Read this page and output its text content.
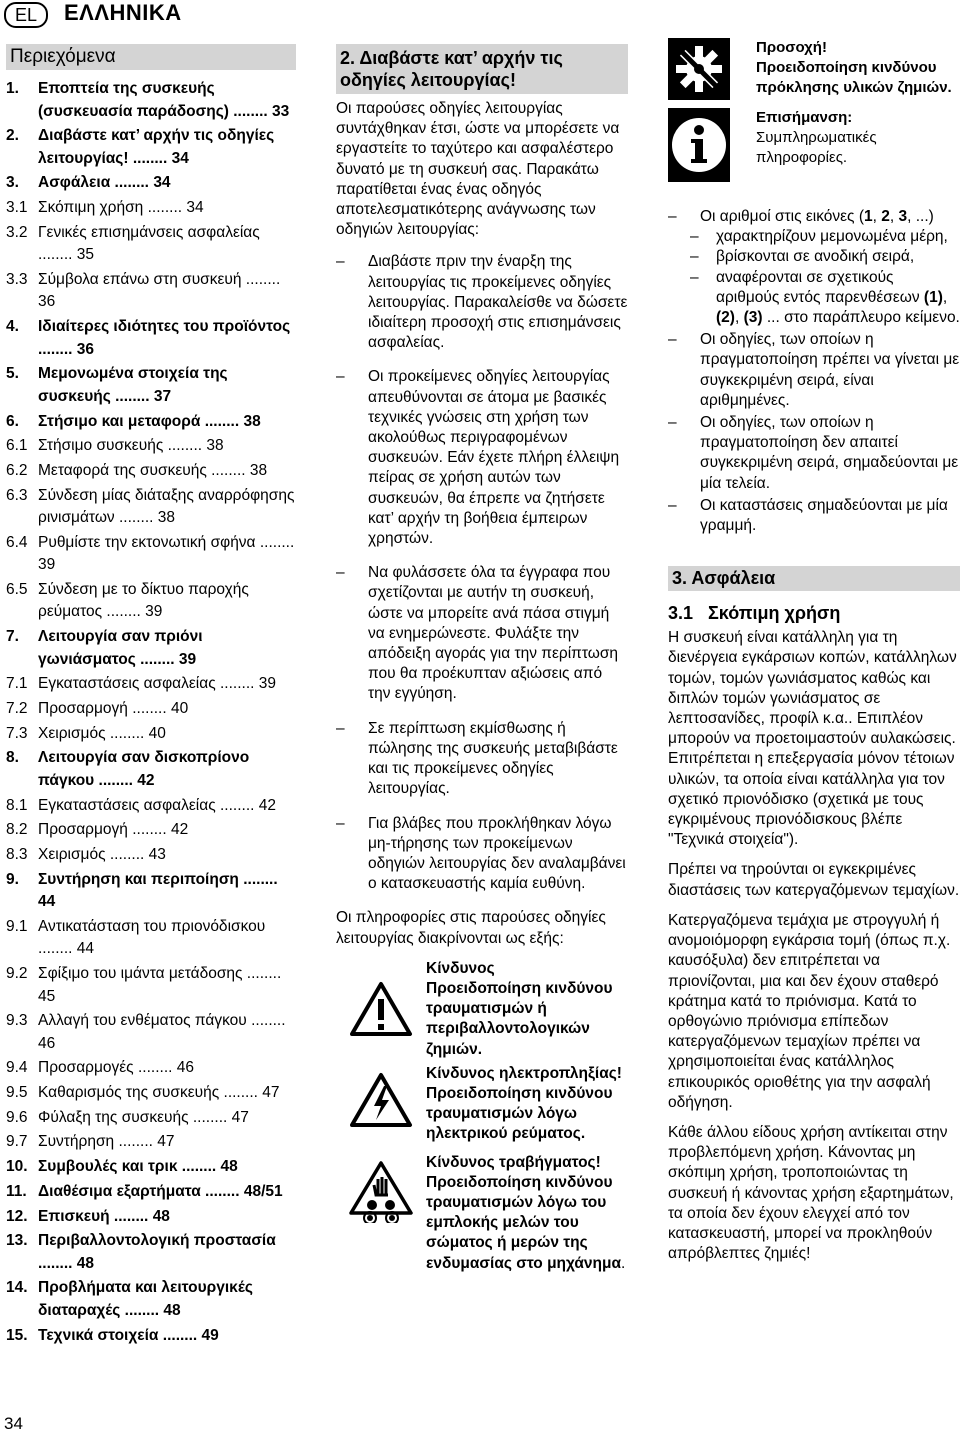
EL	ΕΛΛΗΝΙΚΑ
Περιεχόμενα
1.	Εποπτεία της συσκευής (συσκευασία παράδοσης) ........ 33
2.	Διαβάστε κατ’ αρχήν τις οδηγίες λειτουργίας! ........ 34
3.	Ασφάλεια ........ 34
3.1 Σκόπιμη χρήση ........ 34
3.2 Γενικές επισημάνσεις ασφαλείας ........ 35
3.3 Σύμβολα επάνω στη συσκευή ........ 36
4.	Ιδιαίτερες ιδιότητες του προϊόντος ........ 36
5.	Μεμονωμένα στοιχεία της συσκευής ........ 37
6.	Στήσιμο και μεταφορά ........ 38
6.1 Στήσιμο συσκευής ........ 38
6.2 Μεταφορά της συσκευής ........ 38
6.3 Σύνδεση μίας διάταξης αναρρόφησης ρινισμάτων ........ 38
6.4 Ρυθμίστε την εκτονωτική σφήνα ........ 39
6.5 Σύνδεση με το δίκτυο παροχής ρεύματος ........ 39
7.	Λειτουργία σαν πριόνι γωνιάσματος ........ 39
7.1 Εγκαταστάσεις ασφαλείας ........ 39
7.2 Προσαρμογή ........ 40
7.3 Χειρισμός ........ 40
8.	Λειτουργία σαν δισκοπρίονο πάγκου ........ 42
8.1 Εγκαταστάσεις ασφαλείας ........ 42
8.2 Προσαρμογή ........ 42
8.3 Χειρισμός ........ 43
9.	Συντήρηση και περιποίηση ........ 44
9.1 Αντικατάσταση του πριονόδισκου ........ 44
9.2 Σφίξιμο του ιμάντα μετάδοσης ........ 45
9.3 Αλλαγή του ενθέματος πάγκου ........ 46
9.4 Προσαρμογές ........ 46
9.5 Καθαρισμός της συσκευής ........ 47
9.6 Φύλαξη της συσκευής ........ 47
9.7 Συντήρηση ........ 47
10. Συμβουλές και τρικ ........ 48
11. Διαθέσιμα εξαρτήματα ........ 48/51
12. Επισκευή ........ 48
13. Περιβαλλοντολογική προστασία ........ 48
14. Προβλήματα και λειτουργικές διαταραχές ........ 48
15. Τεχνικά στοιχεία ........ 49
2. Διαβάστε κατ’ αρχήν τις οδηγίες λειτουργίας!

Οι παρούσες οδηγίες λειτουργίας συντάχθηκαν έτσι, ώστε να μπορέσετε να εργαστείτε το ταχύτερο και ασφαλέστερο δυνατό με τη συσκευή σας. Παρακάτω παρατίθεται ένας ένας οδηγός αποτελεσματικότερης ανάγνωσης των οδηγιών λειτουργίας:

–	Διαβάστε πριν την έναρξη της λειτουργίας τις προκείμενες οδηγίες λειτουργίας. Παρακαλείσθε να δώσετε ιδιαίτερη προσοχή στις επισημάνσεις ασφαλείας.
–	Οι προκείμενες οδηγίες λειτουργίας απευθύνονται σε άτομα με βασικές τεχνικές γνώσεις στη χρήση των ακολούθως περιγραφομένων συσκευών. Εάν έχετε πλήρη έλλειψη πείρας σε χρήση αυτών των συσκευών, θα έπρεπε να ζητήσετε κατ’ αρχήν τη βοήθεια έμπειρων χρηστών.
–	Να φυλάσσετε όλα τα έγγραφα που σχετίζονται με αυτήν τη συσκευή, ώστε να μπορείτε ανά πάσα στιγμή να ενημερώνεστε. Φυλάξτε την απόδειξη αγοράς για την περίπτωση που θα προέκυπταν αξιώσεις από την εγγύηση.
–	Σε περίπτωση εκμίσθωσης ή πώλησης της συσκευής μεταβιβάστε και τις προκείμενες οδηγίες λειτουργίας.
–	Για βλάβες που προκλήθηκαν λόγω μη-τήρησης των προκείμενων οδηγιών λειτουργίας δεν αναλαμβάνει ο κατασκευαστής καμία ευθύνη.

Οι πληροφορίες στις παρούσες οδηγίες λειτουργίας διακρίνονται ως εξής:

Κίνδυνος
Προειδοποίηση κινδύνου τραυματισμών ή περιβαλλοντολογικών ζημιών.
Κίνδυνος ηλεκτροπληξίας!
Προειδοποίηση κινδύνου τραυματισμών λόγω ηλεκτρικού ρεύματος.
Κίνδυνος τραβήγματος!
Προειδοποίηση κινδύνου τραυματισμών λόγω του εμπλοκής μελών του σώματος ή μερών της ενδυμασίας στο μηχάνημα.
Προσοχή!
Προειδοποίηση κινδύνου πρόκλησης υλικών ζημιών.
Επισήμανση:
Συμπληρωματικές πληροφορίες.
–	Οι αριθμοί στις εικόνες (1, 2, 3, ...)
–	χαρακτηρίζουν μεμονωμένα μέρη,
–	βρίσκονται σε ανοδική σειρά,
–	αναφέρονται σε σχετικούς αριθμούς εντός παρενθέσεων (1), (2), (3) ... στο παράπλευρο κείμενο.
–	Οι οδηγίες, των οποίων η πραγματοποίηση πρέπει να γίνεται με συγκεκριμένη σειρά, είναι αριθμημένες.
–	Οι οδηγίες, των οποίων η πραγματοποίηση δεν απαιτεί συγκεκριμένη σειρά, σημαδεύονται με μία τελεία.
–	Οι καταστάσεις σημαδεύονται με μία γραμμή.
3. Ασφάλεια
3.1 Σκόπιμη χρήση

Η συσκευή είναι κατάλληλη για τη διενέργεια εγκάρσιων κοπών, κατάλληλων τομών, τομών γωνιάσματος καθώς και διπλών τομών γωνιάσματος σε λεπτοσανίδες, προφίλ κ.α.. Επιπλέον μπορούν να προετοιμαστούν αυλακώσεις. Επιτρέπεται η επεξεργασία μόνον τέτοιων υλικών, τα οποία είναι κατάλληλα για τον σχετικό πριονόδισκο (σχετικά με τους εγκριμένους πριονόδισκους βλέπε "Τεχνικά στοιχεία").

Πρέπει να τηρούνται οι εγκεκριμένες διαστάσεις των κατεργαζόμενων τεμαχίων.

Κατεργαζόμενα τεμάχια με στρογγυλή ή ανομοιόμορφη εγκάρσια τομή (όπως π.χ. καυσόξυλα) δεν επιτρέπεται να πριονίζονται, μια και δεν έχουν σταθερό κράτημα κατά το πριόνισμα. Κατά το ορθογώνιο πριόνισμα επίπεδων κατεργαζόμενων τεμαχίων πρέπει να χρησιμοποιείται ένας κατάλληλος επικουρικός οριοθέτης για την ασφαλή οδήγηση.

Κάθε άλλου είδους χρήση αντίκειται στην προβλεπόμενη χρήση. Κάνοντας μη σκόπιμη χρήση, τροποποιώντας τη συσκευή ή κάνοντας χρήση εξαρτημάτων, τα οποία δεν έχουν ελεγχεί από τον κατασκευαστή, μπορεί να προκληθούν απρόβλεπτες ζημιές!

34
